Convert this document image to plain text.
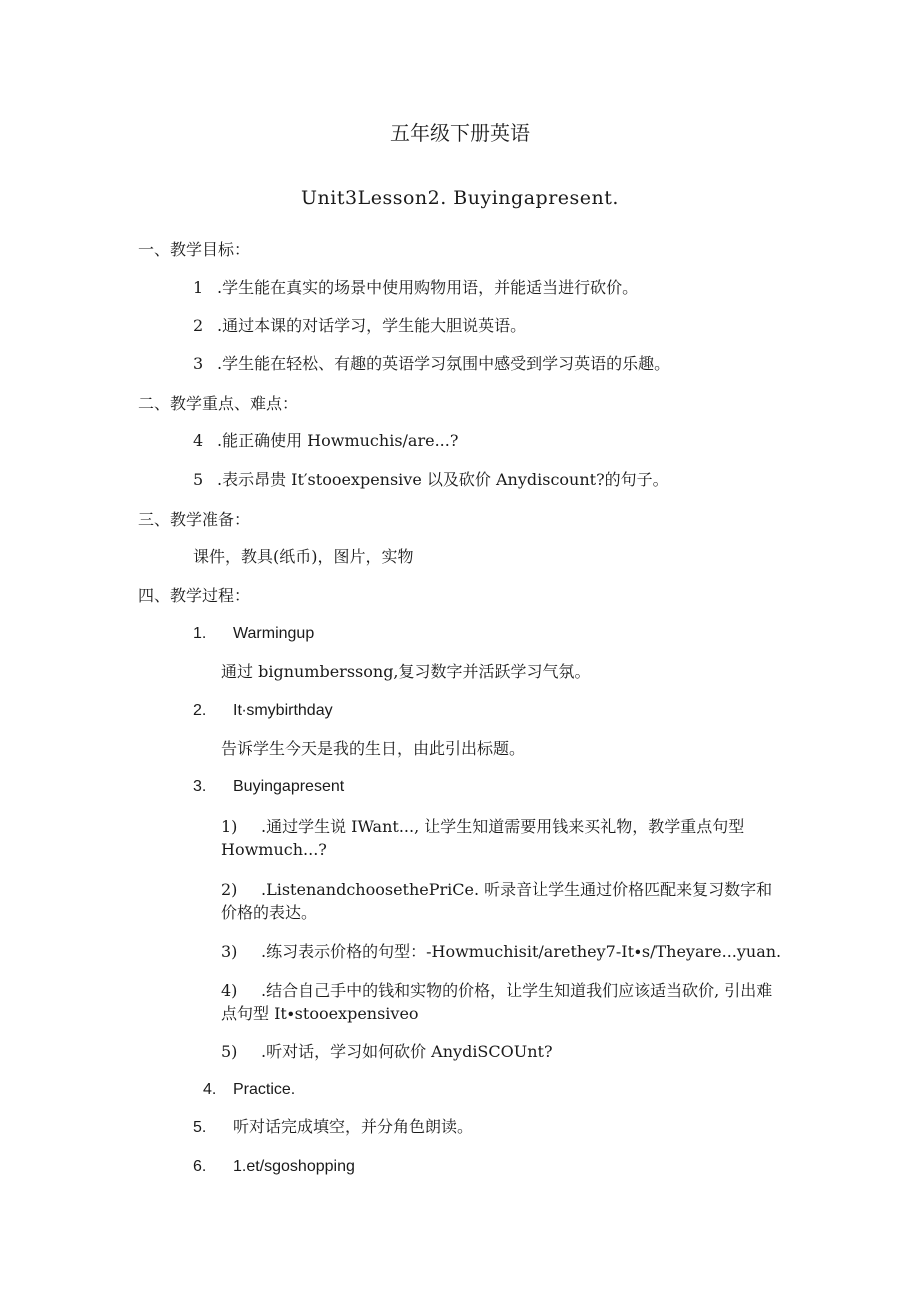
五年级下册英语
Unit3Lesson2. Buyingapresent.
一、教学目标：
1 .学生能在真实的场景中使用购物用语，并能适当进行砍价。
2 .通过本课的对话学习，学生能大胆说英语。
3 .学生能在轻松、有趣的英语学习氛围中感受到学习英语的乐趣。
二、教学重点、难点：
4 .能正确使用 Howmuchis∕are...?
5 .表示昂贵 It′stooexpensive 以及砍价 Anydiscount?的句子。
三、教学准备：
课件，教具(纸币)，图片，实物
四、教学过程：
1. Warmingup
通过 bignumberssong,复习数字并活跃学习气氛。
2. It∙smybirthday
告诉学生今天是我的生日，由此引出标题。
3. Buyingapresent
1) .通过学生说 IWant..., 让学生知道需要用钱来买礼物，教学重点句型 Howmuch...?
2) .ListenandchoosethePriCe. 听录音让学生通过价格匹配来复习数字和价格的表达。
3) .练习表示价格的句型：-Howmuchisit/arethey7-It∙s∕Theyare...yuan.
4) .结合自己手中的钱和实物的价格，让学生知道我们应该适当砍价, 引出难点句型 It∙stooexpensiveo
5) .听对话，学习如何砍价 AnydiSCOUnt?
4. Practice.
5. 听对话完成填空，并分角色朗读。
6. 1.et/sgoshopping
